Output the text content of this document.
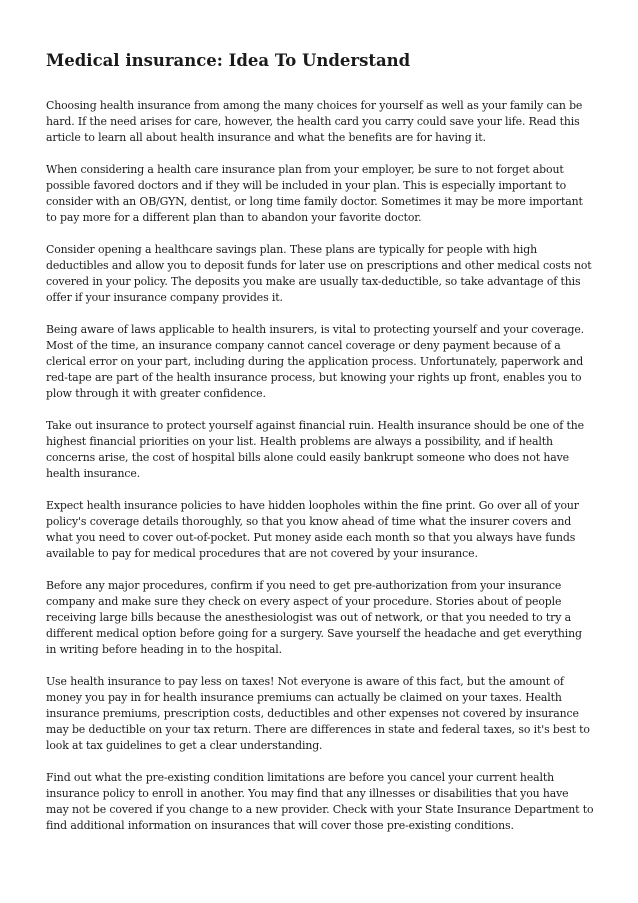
Medical insurance: Idea To Understand

Choosing health insurance from among the many choices for yourself as well as your family can be
hard. If the need arises for care, however, the health card you carry could save your life. Read this
article to learn all about health insurance and what the benefits are for having it.

When considering a health care insurance plan from your employer, be sure to not forget about
possible favored doctors and if they will be included in your plan. This is especially important to
consider with an OB/GYN, dentist, or long time family doctor. Sometimes it may be more important
to pay more for a different plan than to abandon your favorite doctor.

Consider opening a healthcare savings plan. These plans are typically for people with high
deductibles and allow you to deposit funds for later use on prescriptions and other medical costs not
covered in your policy. The deposits you make are usually tax-deductible, so take advantage of this
offer if your insurance company provides it.

Being aware of laws applicable to health insurers, is vital to protecting yourself and your coverage.
Most of the time, an insurance company cannot cancel coverage or deny payment because of a
clerical error on your part, including during the application process. Unfortunately, paperwork and
red-tape are part of the health insurance process, but knowing your rights up front, enables you to
plow through it with greater confidence.

Take out insurance to protect yourself against financial ruin. Health insurance should be one of the
highest financial priorities on your list. Health problems are always a possibility, and if health
concerns arise, the cost of hospital bills alone could easily bankrupt someone who does not have
health insurance.

Expect health insurance policies to have hidden loopholes within the fine print. Go over all of your
policy's coverage details thoroughly, so that you know ahead of time what the insurer covers and
what you need to cover out-of-pocket. Put money aside each month so that you always have funds
available to pay for medical procedures that are not covered by your insurance.

Before any major procedures, confirm if you need to get pre-authorization from your insurance
company and make sure they check on every aspect of your procedure. Stories about of people
receiving large bills because the anesthesiologist was out of network, or that you needed to try a
different medical option before going for a surgery. Save yourself the headache and get everything
in writing before heading in to the hospital.

Use health insurance to pay less on taxes! Not everyone is aware of this fact, but the amount of
money you pay in for health insurance premiums can actually be claimed on your taxes. Health
insurance premiums, prescription costs, deductibles and other expenses not covered by insurance
may be deductible on your tax return. There are differences in state and federal taxes, so it's best to
look at tax guidelines to get a clear understanding.

Find out what the pre-existing condition limitations are before you cancel your current health
insurance policy to enroll in another. You may find that any illnesses or disabilities that you have
may not be covered if you change to a new provider. Check with your State Insurance Department to
find additional information on insurances that will cover those pre-existing conditions.
